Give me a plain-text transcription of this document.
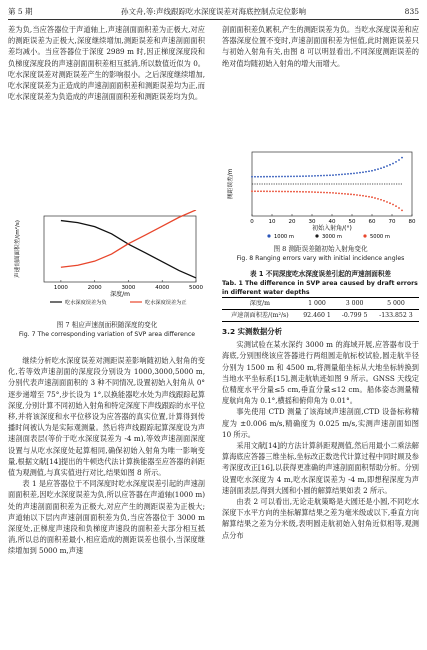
第 5 期	孙文舟,等:声线跟踪吃水深度误差对海底控制点定位影响	835

差为负,当应答器位于声道轴上,声速剖面面积差为正极大,对应的测距误差为正极大,深度继续增加,测距误差和声速剖面面积差均减小。当应答器位于深度 2989 m 时,因正梯度深度段和负梯度深度段的声速剖面面积差相互抵消,所以数值近似为 0。吃水深度误差对测距误差产生的影响很小。之后深度继续增加,吃水深度误差为正造成的声速剖面面积差和测距误差均为正,而吃水深度误差为负造成的声速剖面面积差和测距误差均为负。

1000	2000	3000	4000	5000
深度/m
声速剖面面积差/(m²/s)
吃水深度误差为负	吃水深度误差为正
图 7 相应声速剖面积随深度的变化
Fig. 7 The corresponding variation of SVP area difference

继续分析吃水深度误差对测距误差影响随初始入射角的变化,若等效声速剖面的深度段分别设为 1000,3000,5000 m,分别代表声速剖面面积的 3 种不同情况,设置初始入射角从 0°逐步递增至 75°,步长设为 1°,以换能器吃水处为声线跟踪起算深度,分别计算不同初始入射角和特定深度下声线跟踪的水平位移,并将该深度和水平位移设为应答器的真实位置,计算得到传播时间被认为是实际观测量。然后将声线跟踪起算深度设为声速剖面表层(等价于吃水深度误差为 -4 m),等效声速剖面深度设置与从吃水深度处起算相同,确保初始入射角为唯一影响变量,根据文献[14]提出的牛顿迭代法计算换能器至应答器的斜距值为观测值,与真实值进行对比,结果如图 8 所示。

表 1 是应答器位于不同深度时吃水深度误差引起的声速剖面面积差,因吃水深度误差为负,所以应答器在声道轴(1000 m)处的声速剖面面积差为正极大,对应产生的测距误差为正极大;声道轴以下层内声速剖面面积差为负,当应答器位于 3000 m 深度处,正梯度声速段和负梯度声速段的面积差大部分相互抵消,所以总的面积差最小,相应造成的测距误差也很小,当深度继续增加到 5000 m,声速

剖面面积差负累积,产生的测距误差为负。当吃水深度误差和应答器深度位置不变时,声速剖面面积差为恒值,此时测距误差只与初始入射角有关,由图 8 可以明显看出,不同深度测距误差的绝对值均随初始入射角的增大而增大。

0	10 20 30 40 50 60 70 80
初始入射角/(°)
测距误差/m
1000 m	3000 m	5000 m
图 8 测距误差随初始入射角变化
Fig. 8 Ranging errors vary with initial incidence angles
表 1 不同深度吃水深度误差引起的声速剖面积差
Tab. 1 The difference in SVP area caused by draft errors in different water depths
深度/m	1 000	3 000	5 000
声速剖面积差/(m²/s)	92.460 1	-0.799 5	-133.852 3
3.2 实测数据分析

实测试验在某水深约 3000 m 的海域开展,应答器布设于海底,分别围绕该应答器进行两组圆走航标校试验,圆走航半径分别为 1500 m 和 4500 m,将测量船坐标从大地坐标转换到当地水平坐标系[15],测走航轨迹如图 9 所示。GNSS 天线定位精度水平分量≤5 cm,垂直分量≤12 cm。船体姿态测量精度航向角为 0.1°,横摇和俯仰角为 0.01°。

事先使用 CTD 测量了该海域声速剖面,CTD 设备标称精度为 ±0.006 m/s,精确度为 0.025 m/s,实测声速剖面如图 10 所示。

采用文献[14]的方法计算斜距观测值,然后用最小二乘法解算海底应答器三维坐标,坐标改正数迭代计算过程中同时顾及参考深度改正[16],以获得更准确的声速剖面面积帮助分析。分别设置吃水深度为 4 m,吃水深度误差为 -4 m,即想程深度为声速剖面表层,得到大圆和小圆的解算结果如表 2 所示。

由表 2 可以看出,无论走航策略是大圆还是小圆,不同吃水深度下水平方向的坐标解算结果之差为毫米级或以下,垂直方向解算结果之差为分米级,表明圆走航初始入射角近似相等,观测点分布
